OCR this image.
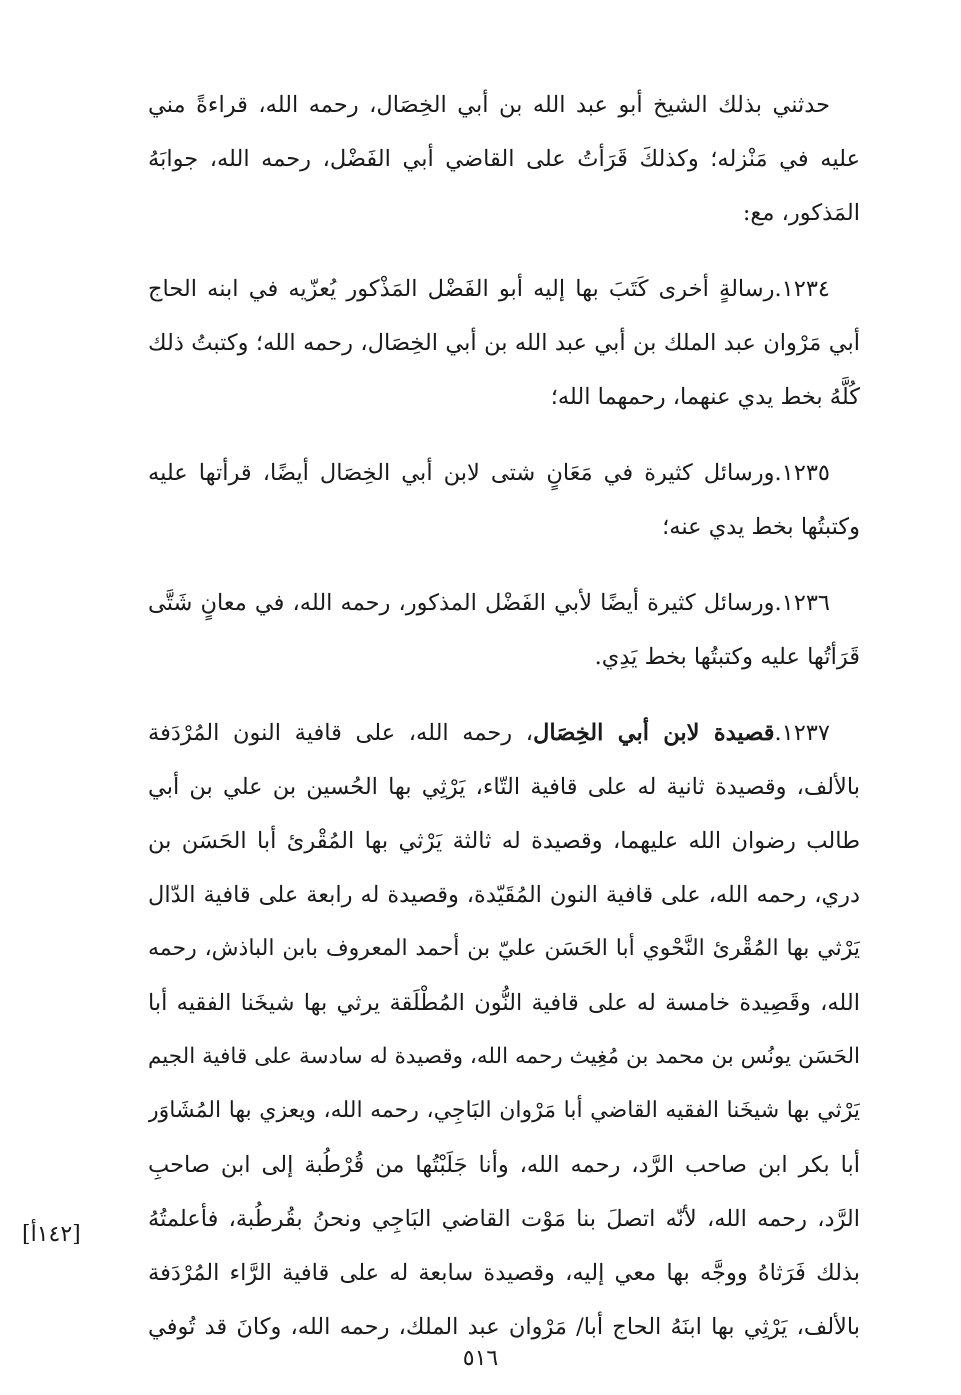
حدثني بذلك الشيخ أبو عبد الله بن أبي الخِصَال، رحمه الله، قراءةً مني
عليه في مَنْزله؛ وكذلكَ قَرَأتُ على القاضي أبي الفَضْل، رحمه الله، جوابَهُ
المَذكور، مع:
١٢٣٤.رسالةٍ أخرى كَتَبَ بها إليه أبو الفَضْل المَذْكور يُعزّيه في ابنه الحاج
أبي مَرْوان عبد الملك بن أبي عبد الله بن أبي الخِصَال، رحمه الله؛ وكتبتُ ذلك
كُلَّهُ بخط يدي عنهما، رحمهما الله؛
١٢٣٥.ورسائل كثيرة في مَعَانٍ شتى لابن أبي الخِصَال أيضًا، قرأتها عليه
وكتبتُها بخط يدي عنه؛
١٢٣٦.ورسائل كثيرة أيضًا لأبي الفَضْل المذكور، رحمه الله، في معانٍ شَتَّى
قَرَأتُها عليه وكتبتُها بخط يَدِي.
١٢٣٧.قصيدة لابن أبي الخِصَال، رحمه الله، على قافية النون المُرْدَفة
بالألف، وقصيدة ثانية له على قافية التّاء، يَرْثِي بها الحُسين بن علي بن أبي
طالب رضوان الله عليهما، وقصيدة له ثالثة يَرْثي بها المُقْرئ أبا الحَسَن بن
دري، رحمه الله، على قافية النون المُقَيّدة، وقصيدة له رابعة على قافية الدّال
يَرْثي بها المُقْرئ النَّحْوي أبا الحَسَن عليّ بن أحمد المعروف بابن الباذش، رحمه
الله، وقَصِيدة خامسة له على قافية النُّون المُطْلَقة يرثي بها شيخَنا الفقيه أبا
الحَسَن يونُس بن محمد بن مُغِيث رحمه الله، وقصيدة له سادسة على قافية الجيم
يَرْثي بها شيخَنا الفقيه القاضي أبا مَرْوان البَاجِي، رحمه الله، ويعزي بها المُشَاوَر
أبا بكر ابن صاحب الرَّد، رحمه الله، وأنا جَلَبْتُها من قُرْطُبة إلى ابن صاحبِ
الرَّد، رحمه الله، لأنّه اتصلَ بنا مَوْت القاضي البَاجِي ونحنُ بقُرطُبة، فأعلمتُهُ
بذلك فَرَثاهُ ووجَّه بها معي إليه، وقصيدة سابعة له على قافية الرَّاء المُرْدَفة
بالألف، يَرْثِي بها ابنَهُ الحاج أبا/ مَرْوان عبد الملك، رحمه الله، وكانَ قد تُوفي
[١٤٢أ]
٥١٦
